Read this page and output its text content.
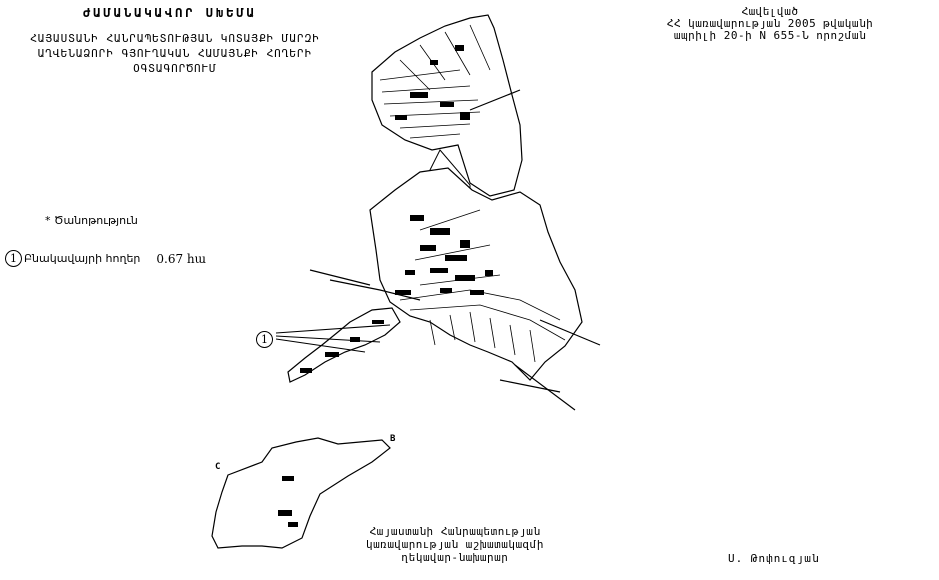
ԺԱՄԱՆԱԿԱՎՈՐ ՍԽԵՄԱ
ՀԱՅԱՍՏԱՆԻ ՀԱՆՐԱՊԵՏՈՒԹՅԱՆ ԿՈՏԱՅՔԻ ՄԱՐԶԻ
ԱՂՎԵՆԱՁՈՐԻ ԳՅՈՒՂԱԿԱՆ ՀԱՄԱՅՆՔԻ ՀՈՂԵՐԻ
ՕԳՏԱԳՈՐԾՈՒՄ
Հավելված
ՀՀ կառավարության 2005 թվականի
ապրիլի 20-ի N 655-Ն որոշման
* Ծանոթություն
1 Բնակավայրի հողեր 0.67 հա
1
B
C
Հայաստանի Հանրապետության
կառավարության աշխատակազմի
ղեկավար-նախարար	Ս. Թոփուզյան
